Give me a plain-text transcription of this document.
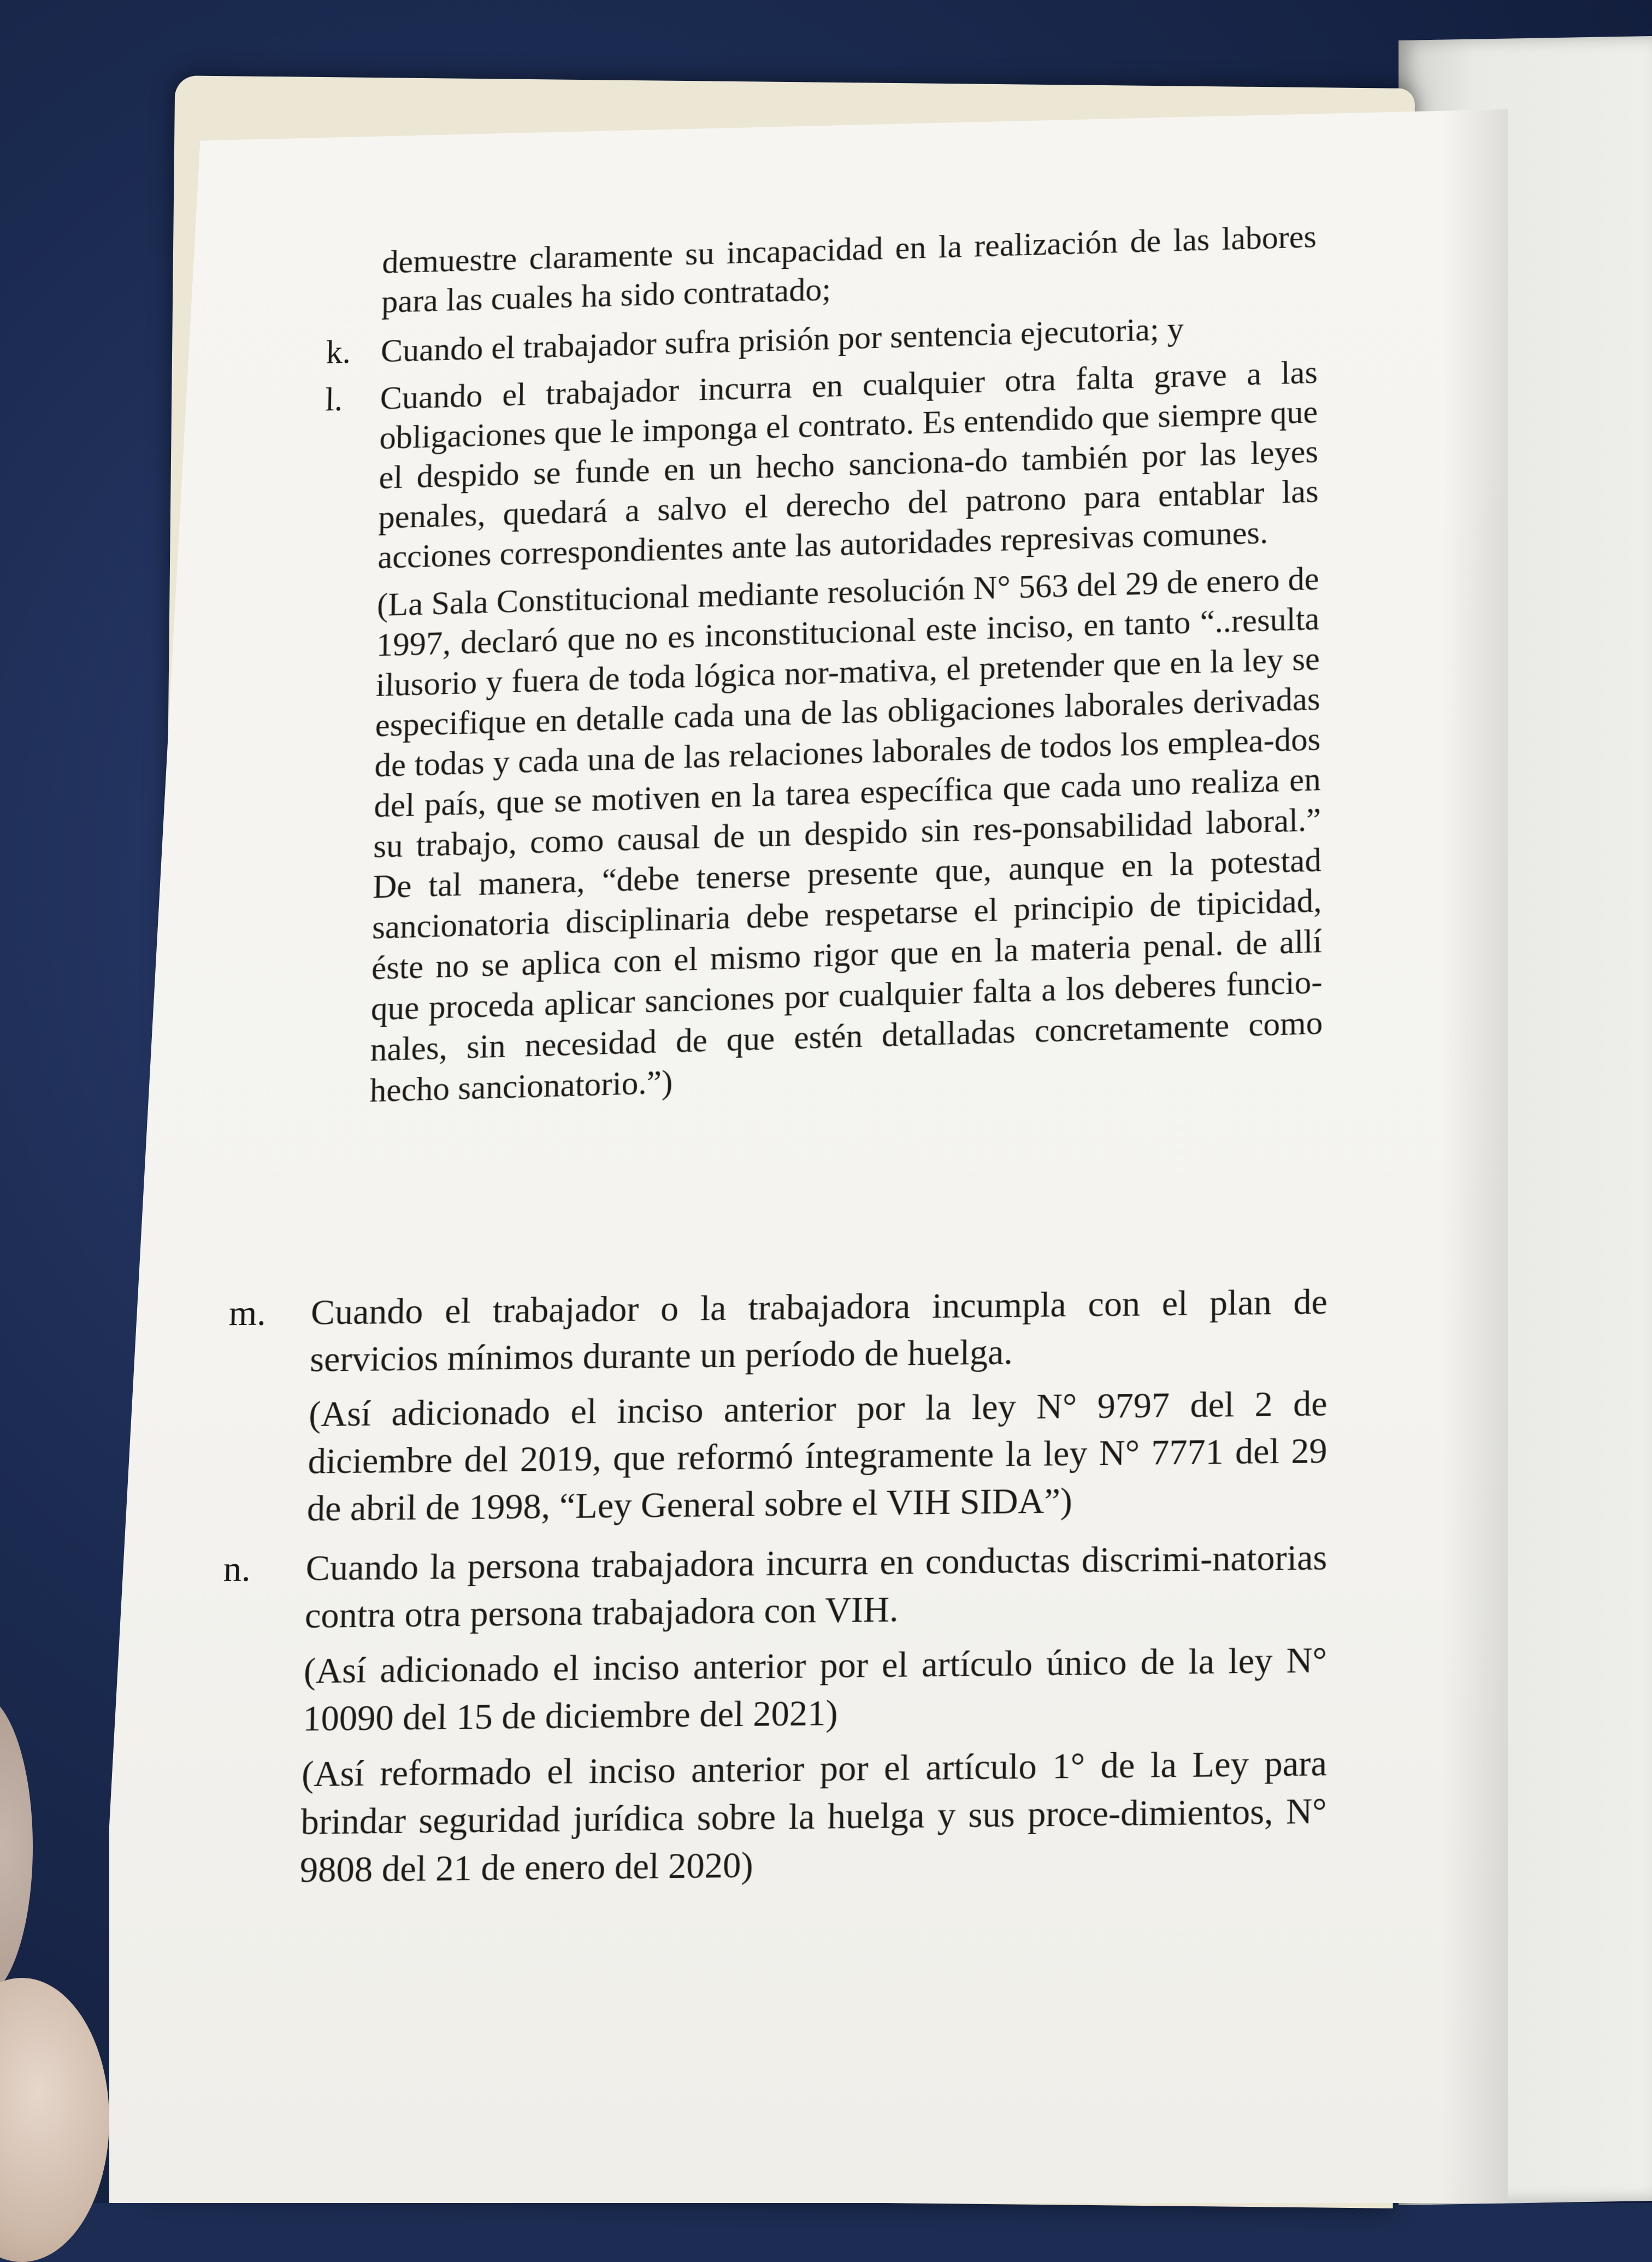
demuestre claramente su incapacidad en la realización de las labores para las cuales ha sido contratado;
k. Cuando el trabajador sufra prisión por sentencia ejecutoria; y
l. Cuando el trabajador incurra en cualquier otra falta grave a las obligaciones que le imponga el contrato. Es entendido que siempre que el despido se funde en un hecho sanciona-do también por las leyes penales, quedará a salvo el derecho del patrono para entablar las acciones correspondientes ante las autoridades represivas comunes.
(La Sala Constitucional mediante resolución N° 563 del 29 de enero de 1997, declaró que no es inconstitucional este inciso, en tanto “..resulta ilusorio y fuera de toda lógica nor-mativa, el pretender que en la ley se especifique en detalle cada una de las obligaciones laborales derivadas de todas y cada una de las relaciones laborales de todos los emplea-dos del país, que se motiven en la tarea específica que cada uno realiza en su trabajo, como causal de un despido sin res-ponsabilidad laboral.” De tal manera, “debe tenerse presente que, aunque en la potestad sancionatoria disciplinaria debe respetarse el principio de tipicidad, éste no se aplica con el mismo rigor que en la materia penal. de allí que proceda aplicar sanciones por cualquier falta a los deberes funcio-nales, sin necesidad de que estén detalladas concretamente como hecho sancionatorio.”)
m. Cuando el trabajador o la trabajadora incumpla con el plan de servicios mínimos durante un período de huelga.
(Así adicionado el inciso anterior por la ley N° 9797 del 2 de diciembre del 2019, que reformó íntegramente la ley N° 7771 del 29 de abril de 1998, “Ley General sobre el VIH SIDA”)
n. Cuando la persona trabajadora incurra en conductas discrimi-natorias contra otra persona trabajadora con VIH.
(Así adicionado el inciso anterior por el artículo único de la ley N° 10090 del 15 de diciembre del 2021)
(Así reformado el inciso anterior por el artículo 1° de la Ley para brindar seguridad jurídica sobre la huelga y sus proce-dimientos, N° 9808 del 21 de enero del 2020)
